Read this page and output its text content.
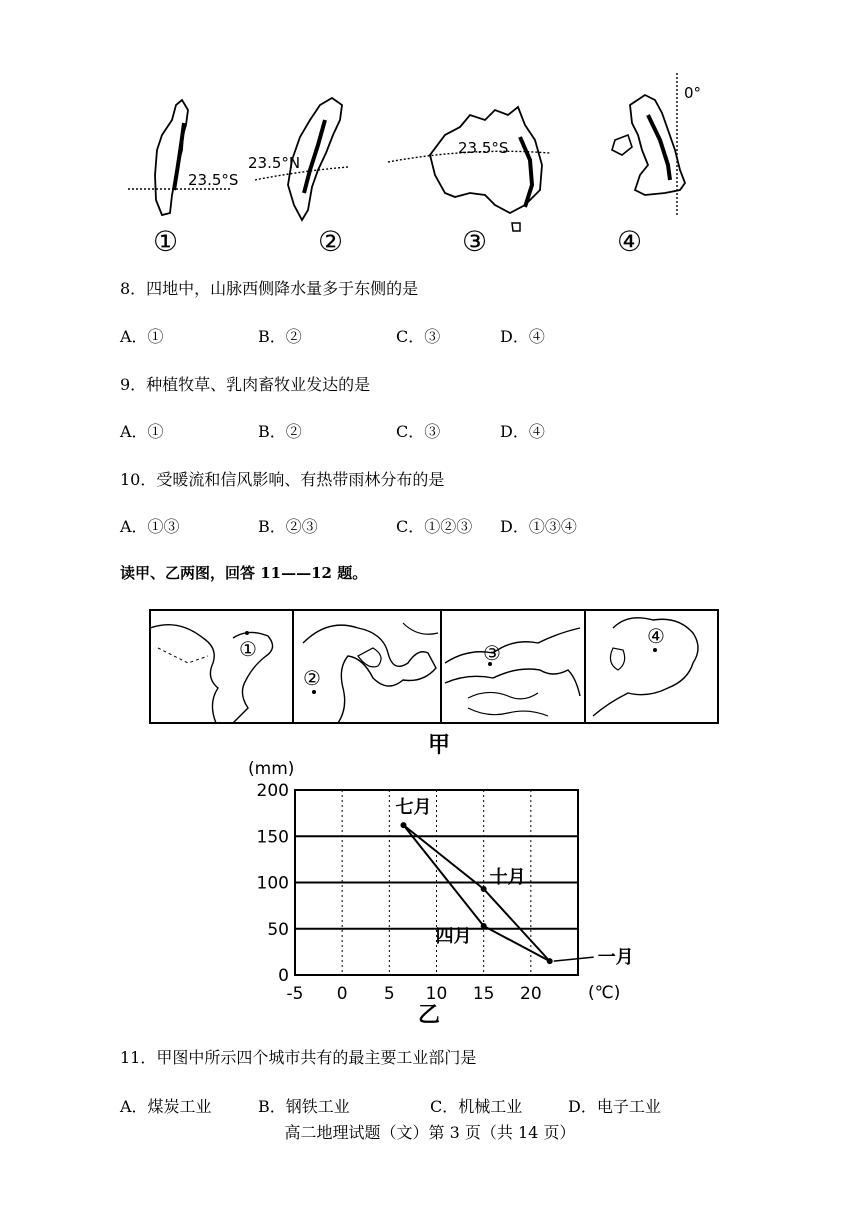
23.5°S
①
23.5°N
②
23.5°S
③
0°
④
8．四地中，山脉西侧降水量多于东侧的是
A．①	B．②	C．③	D．④
9．种植牧草、乳肉畜牧业发达的是
A．①	B．②	C．③	D．④
10．受暖流和信风影响、有热带雨林分布的是
A．①③	B．②③	C．①②③ D．①③④
读甲、乙两图，回答 11——12 题。
①
②
③
④
甲
0
50
100
150
200
-5 0 5 10 15 20
一月
四月
七月
十月
(mm)
(℃)
乙
11．甲图中所示四个城市共有的最主要工业部门是
A．煤炭工业	B．钢铁工业	C．机械工业	D．电子工业
高二地理试题（文）第 3 页（共 14 页）
